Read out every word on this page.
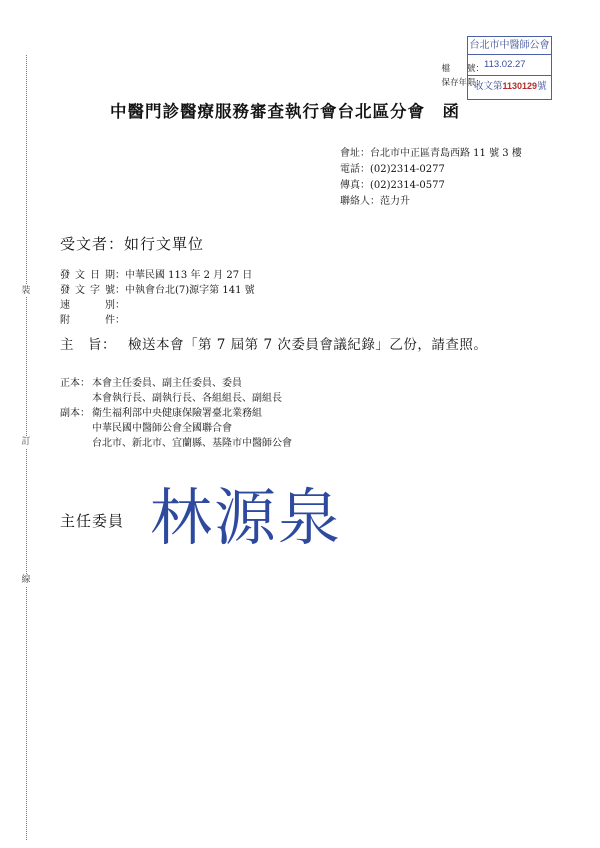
裝
訂
線
檔　　號：
保存年限：
台北市中醫師公會
113.02.27
收文第1130129號
中醫門診醫療服務審查執行會台北區分會　函
會址：台北市中正區青島西路 11 號 3 樓
電話：(02)2314-0277
傳真：(02)2314-0577
聯絡人：范力升
受文者：如行文單位
發文日期：中華民國 113 年 2 月 27 日
發文字號：中執會台北(7)源字第 141 號
速別：
附件：
主　旨： 檢送本會「第 7 屆第 7 次委員會議紀錄」乙份，請查照。
正本： 本會主任委員、副主任委員、委員
本會執行長、副執行長、各組組長、副組長
副本： 衛生福利部中央健康保險署臺北業務組
中華民國中醫師公會全國聯合會
台北市、新北市、宜蘭縣、基隆市中醫師公會
主任委員 林源泉
